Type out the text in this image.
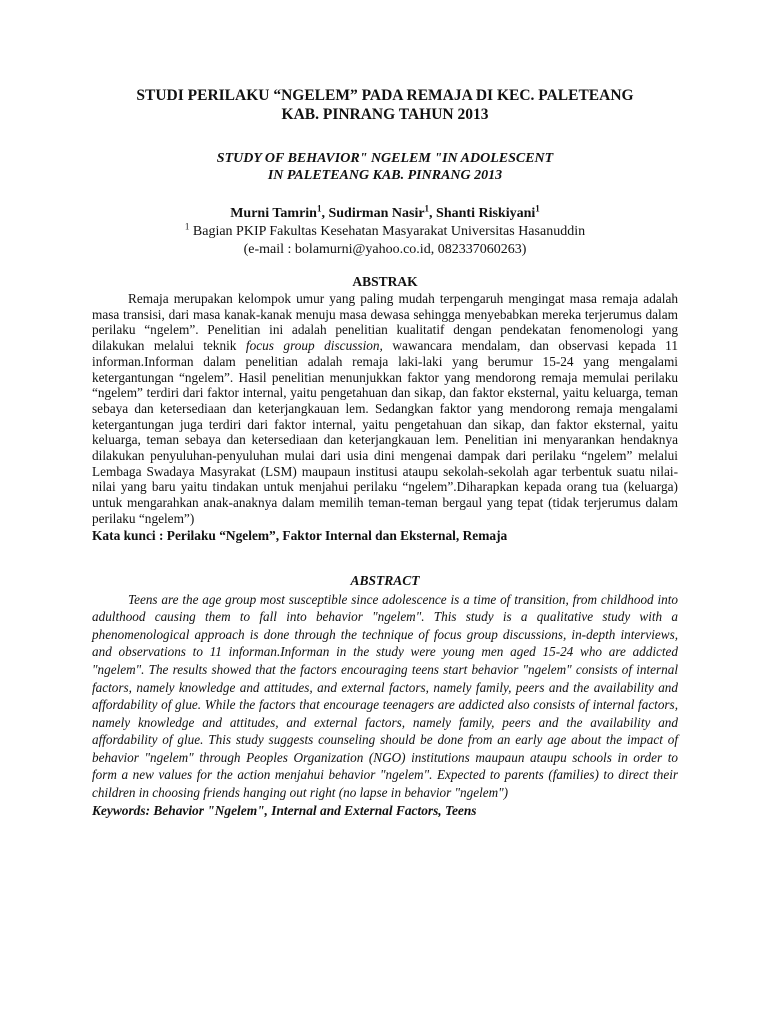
STUDI PERILAKU “NGELEM” PADA REMAJA DI KEC. PALETEANG

KAB. PINRANG TAHUN 2013

STUDY OF BEHAVIOR" NGELEM "IN ADOLESCENT

IN PALETEANG KAB. PINRANG 2013

Murni Tamrin$^1$, Sudirman Nasir$^1$, Shanti Riskiyani$^1$

$^1$ Bagian PKIP Fakultas Kesehatan Masyarakat Universitas Hasanuddin

(e-mail : bolamurni@yahoo.co.id, 082337060263)

ABSTRAK

Remaja merupakan kelompok umur yang paling mudah terpengaruh mengingat masa remaja adalah masa transisi, dari masa kanak-kanak menuju masa dewasa sehingga menyebabkan mereka terjerumus dalam perilaku “ngelem”. Penelitian ini adalah penelitian kualitatif dengan pendekatan fenomenologi yang dilakukan melalui teknik focus group discussion, wawancara mendalam, dan observasi kepada 11 informan.Informan dalam penelitian adalah remaja laki-laki yang berumur 15-24 yang mengalami ketergantungan “ngelem”. Hasil penelitian menunjukkan faktor yang mendorong remaja memulai perilaku “ngelem” terdiri dari faktor internal, yaitu pengetahuan dan sikap, dan faktor eksternal, yaitu keluarga, teman sebaya dan ketersediaan dan keterjangkauan lem. Sedangkan faktor yang mendorong remaja mengalami ketergantungan juga terdiri dari faktor internal, yaitu pengetahuan dan sikap, dan faktor eksternal, yaitu keluarga, teman sebaya dan ketersediaan dan keterjangkauan lem. Penelitian ini menyarankan hendaknya dilakukan penyuluhan-penyuluhan mulai dari usia dini mengenai dampak dari perilaku “ngelem” melalui Lembaga Swadaya Masyrakat (LSM) maupaun institusi ataupu sekolah-sekolah agar terbentuk suatu nilai-nilai yang baru yaitu tindakan untuk menjahui perilaku “ngelem”.Diharapkan kepada orang tua (keluarga) untuk mengarahkan anak-anaknya dalam memilih teman-teman bergaul yang tepat (tidak terjerumus dalam perilaku “ngelem”)

Kata kunci : Perilaku “Ngelem”, Faktor Internal dan Eksternal, Remaja

ABSTRACT

Teens are the age group most susceptible since adolescence is a time of transition, from childhood into adulthood causing them to fall into behavior "ngelem". This study is a qualitative study with a phenomenological approach is done through the technique of focus group discussions, in-depth interviews, and observations to 11 informan.Informan in the study were young men aged 15-24 who are addicted "ngelem". The results showed that the factors encouraging teens start behavior "ngelem" consists of internal factors, namely knowledge and attitudes, and external factors, namely family, peers and the availability and affordability of glue. While the factors that encourage teenagers are addicted also consists of internal factors, namely knowledge and attitudes, and external factors, namely family, peers and the availability and affordability of glue. This study suggests counseling should be done from an early age about the impact of behavior "ngelem" through Peoples Organization (NGO) institutions maupaun ataupu schools in order to form a new values for the action menjahui behavior "ngelem". Expected to parents (families) to direct their children in choosing friends hanging out right (no lapse in behavior "ngelem")

Keywords: Behavior "Ngelem", Internal and External Factors, Teens
